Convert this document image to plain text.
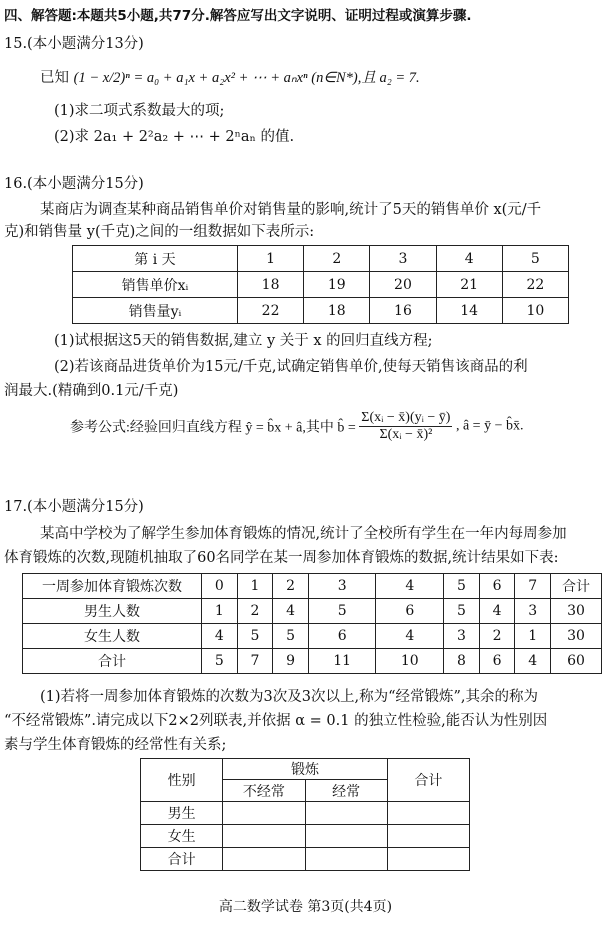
四、解答题:本题共5小题,共77分.解答应写出文字说明、证明过程或演算步骤.
15.(本小题满分13分)
已知 (1 − x/2)ⁿ = a₀ + a₁x + a₂x² + ⋯ + aₙxⁿ (n∈N*),且 a₂ = 7.
(1)求二项式系数最大的项;
(2)求 2a₁ + 2²a₂ + ⋯ + 2ⁿaₙ 的值.
16.(本小题满分15分)
某商店为调查某种商品销售单价对销售量的影响,统计了5天的销售单价 x(元/千
克)和销售量 y(千克)之间的一组数据如下表所示:
第 i 天	1	2	3	4	5
销售单价xᵢ	18	19	20	21	22
销售量yᵢ	22	18	16	14	10
(1)试根据这5天的销售数据,建立 y 关于 x 的回归直线方程;
(2)若该商品进货单价为15元/千克,试确定销售单价,使每天销售该商品的利
润最大.(精确到0.1元/千克)
参考公式:经验回归直线方程 ŷ = b̂x + â,其中 b̂ = $\frac{\text{Σ(xᵢ − x̄)(yᵢ − ȳ)}}{\text{Σ(xᵢ − x̄)²}}$ , â = ȳ − b̂x̄.
17.(本小题满分15分)
某高中学校为了解学生参加体育锻炼的情况,统计了全校所有学生在一年内每周参加
体育锻炼的次数,现随机抽取了60名同学在某一周参加体育锻炼的数据,统计结果如下表:
一周参加体育锻炼次数	0	1	2	3	4	5	6	7	合计
男生人数	1	2	4	5	6	5	4	3	30
女生人数	4	5	5	6	4	3	2	1	30
合计	5	7	9	11	10	8	6	4	60
(1)若将一周参加体育锻炼的次数为3次及3次以上,称为“经常锻炼”,其余的称为
“不经常锻炼”.请完成以下2×2列联表,并依据 α = 0.1 的独立性检验,能否认为性别因
素与学生体育锻炼的经常性有关系;
性别	锻炼		合计
	不经常	经常	
男生			
女生			
合计			
高二数学试卷 第3页(共4页)
